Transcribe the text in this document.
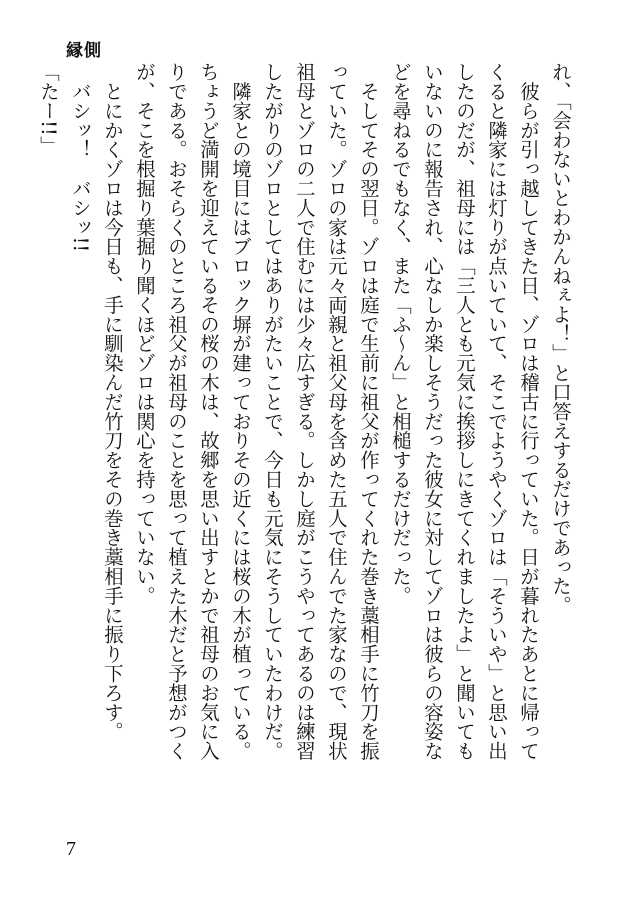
縁側

れ、「会わないとわかんねぇよ！」と口答えするだけであった。

　彼らが引っ越してきた日、ゾロは稽古に行っていた。日が暮れたあとに帰ってくると隣家には灯りが点いていて、そこでようやくゾロは「そういや」と思い出したのだが、祖母には「三人とも元気に挨拶しにきてくれましたよ」と聞いてもいないのに報告され、心なしか楽しそうだった彼女に対してゾロは彼らの容姿などを尋ねるでもなく、また「ふ〜ん」と相槌するだけだった。

　そしてその翌日。ゾロは庭で生前に祖父が作ってくれた巻き藁相手に竹刀を振っていた。ゾロの家は元々両親と祖父母を含めた五人で住んでた家なので、現状祖母とゾロの二人で住むには少々広すぎる。しかし庭がこうやってあるのは練習したがりのゾロとしてはありがたいことで、今日も元気にそうしていたわけだ。

　隣家との境目にはブロック塀が建っておりその近くには桜の木が植っている。ちょうど満開を迎えているその桜の木は、故郷を思い出すとかで祖母のお気に入りである。おそらくのところ祖父が祖母のことを思って植えた木だと予想がつくが、そこを根掘り葉掘り聞くほどゾロは関心を持っていない。

　とにかくゾロは今日も、手に馴染んだ竹刀をその巻き藁相手に振り下ろす。

　バシッ！　バシッ!!

「たー!!」

7
